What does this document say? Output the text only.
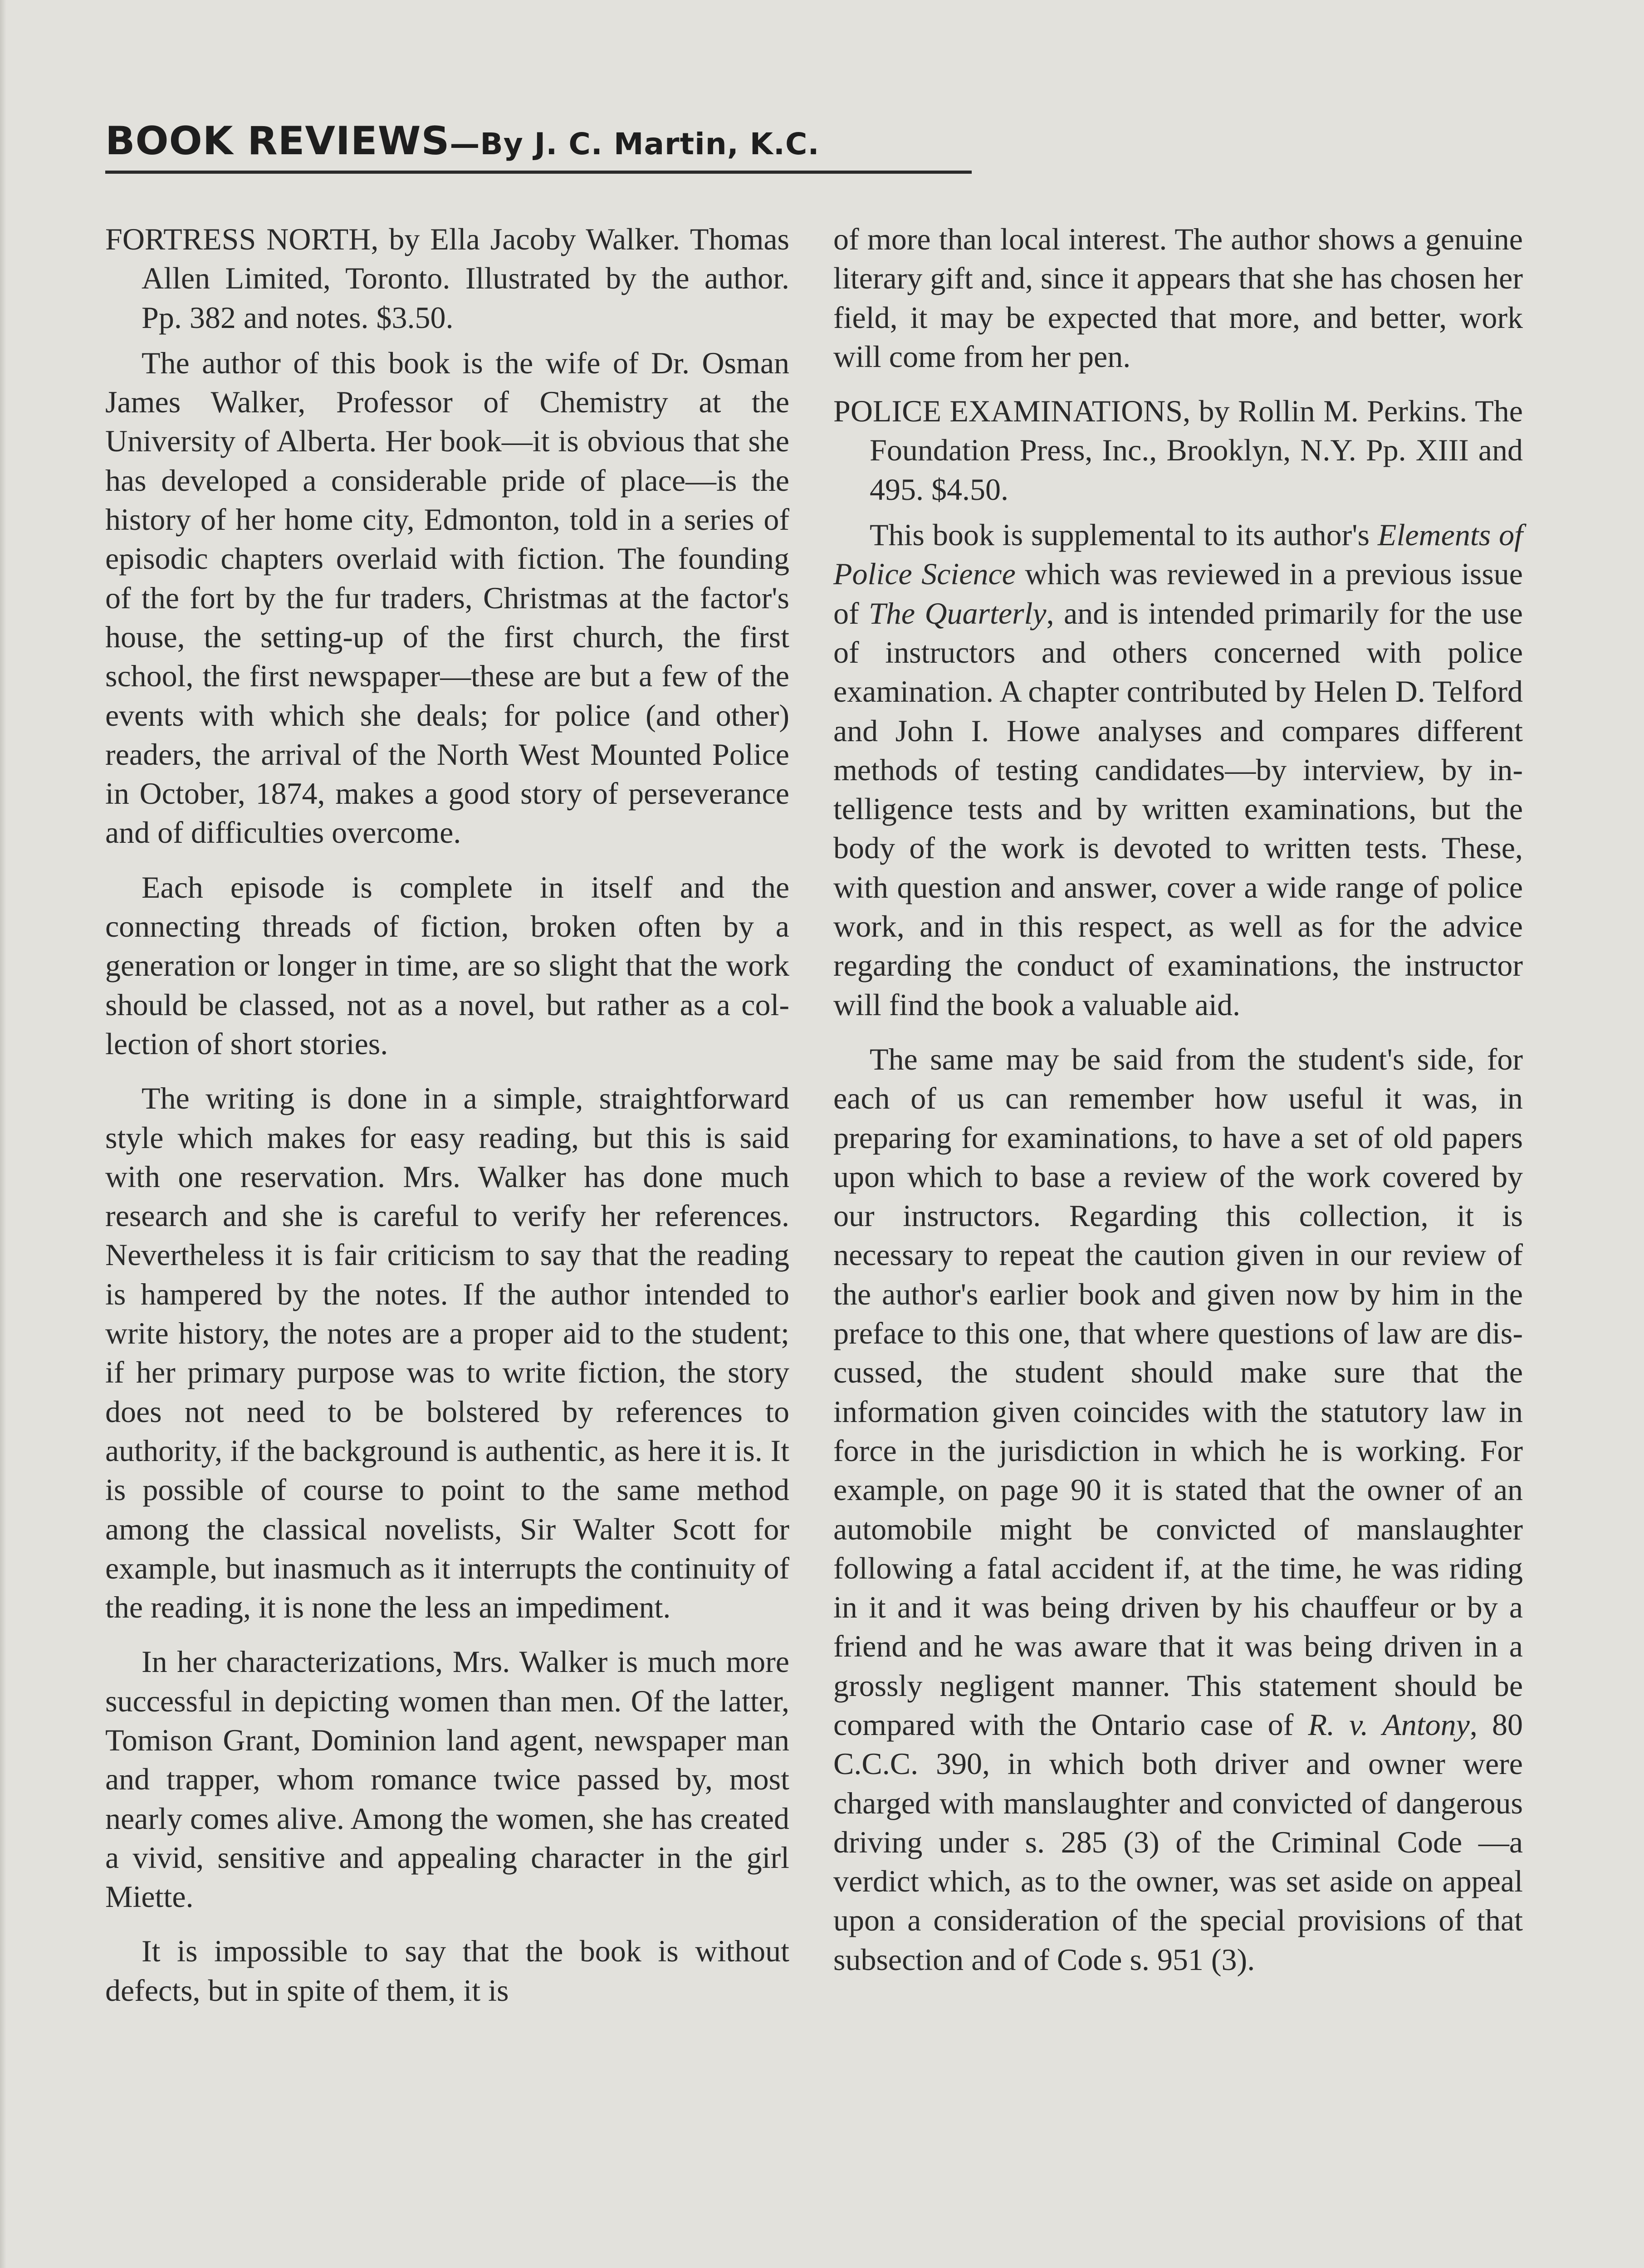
BOOK REVIEWS—By J. C. Martin, K.C.

FORTRESS NORTH, by Ella Jacoby Walker. Thomas Allen Limited, Toronto. Illustrated by the author. Pp. 382 and notes. $3.50.

The author of this book is the wife of Dr. Osman James Walker, Professor of Chemistry at the University of Alberta. Her book—it is obvious that she has developed a considerable pride of place—is the history of her home city, Edmonton, told in a series of episodic chapters overlaid with fiction. The founding of the fort by the fur traders, Christmas at the factor's house, the setting-up of the first church, the first school, the first newspaper—these are but a few of the events with which she deals; for police (and other) readers, the arrival of the North West Mounted Police in October, 1874, makes a good story of perseverance and of difficulties overcome.

Each episode is complete in itself and the connecting threads of fiction, broken often by a generation or longer in time, are so slight that the work should be classed, not as a novel, but rather as a collection of short stories.

The writing is done in a simple, straightforward style which makes for easy reading, but this is said with one reservation. Mrs. Walker has done much research and she is careful to verify her references. Nevertheless it is fair criticism to say that the reading is hampered by the notes. If the author intended to write history, the notes are a proper aid to the student; if her primary purpose was to write fiction, the story does not need to be bolstered by references to authority, if the background is authentic, as here it is. It is possible of course to point to the same method among the classical novelists, Sir Walter Scott for example, but inasmuch as it interrupts the continuity of the reading, it is none the less an impediment.

In her characterizations, Mrs. Walker is much more successful in depicting women than men. Of the latter, Tomison Grant, Dominion land agent, newspaper man and trapper, whom romance twice passed by, most nearly comes alive. Among the women, she has created a vivid, sensitive and appealing character in the girl Miette.

It is impossible to say that the book is without defects, but in spite of them, it is

of more than local interest. The author shows a genuine literary gift and, since it appears that she has chosen her field, it may be expected that more, and better, work will come from her pen.

POLICE EXAMINATIONS, by Rollin M. Perkins. The Foundation Press, Inc., Brooklyn, N.Y. Pp. XIII and 495. $4.50.

This book is supplemental to its author's Elements of Police Science which was reviewed in a previous issue of The Quarterly, and is intended primarily for the use of instructors and others concerned with police examination. A chapter contributed by Helen D. Telford and John I. Howe analyses and compares different methods of testing candidates—by interview, by intelligence tests and by written examinations, but the body of the work is devoted to written tests. These, with question and answer, cover a wide range of police work, and in this respect, as well as for the advice regarding the conduct of examinations, the instructor will find the book a valuable aid.

The same may be said from the student's side, for each of us can remember how useful it was, in preparing for examinations, to have a set of old papers upon which to base a review of the work covered by our instructors. Regarding this collection, it is necessary to repeat the caution given in our review of the author's earlier book and given now by him in the preface to this one, that where questions of law are discussed, the student should make sure that the information given coincides with the statutory law in force in the jurisdiction in which he is working. For example, on page 90 it is stated that the owner of an automobile might be convicted of manslaughter following a fatal accident if, at the time, he was riding in it and it was being driven by his chauffeur or by a friend and he was aware that it was being driven in a grossly negligent manner. This statement should be compared with the Ontario case of R. v. Antony, 80 C.C.C. 390, in which both driver and owner were charged with manslaughter and convicted of dangerous driving under s. 285 (3) of the Criminal Code —a verdict which, as to the owner, was set aside on appeal upon a consideration of the special provisions of that subsection and of Code s. 951 (3).
